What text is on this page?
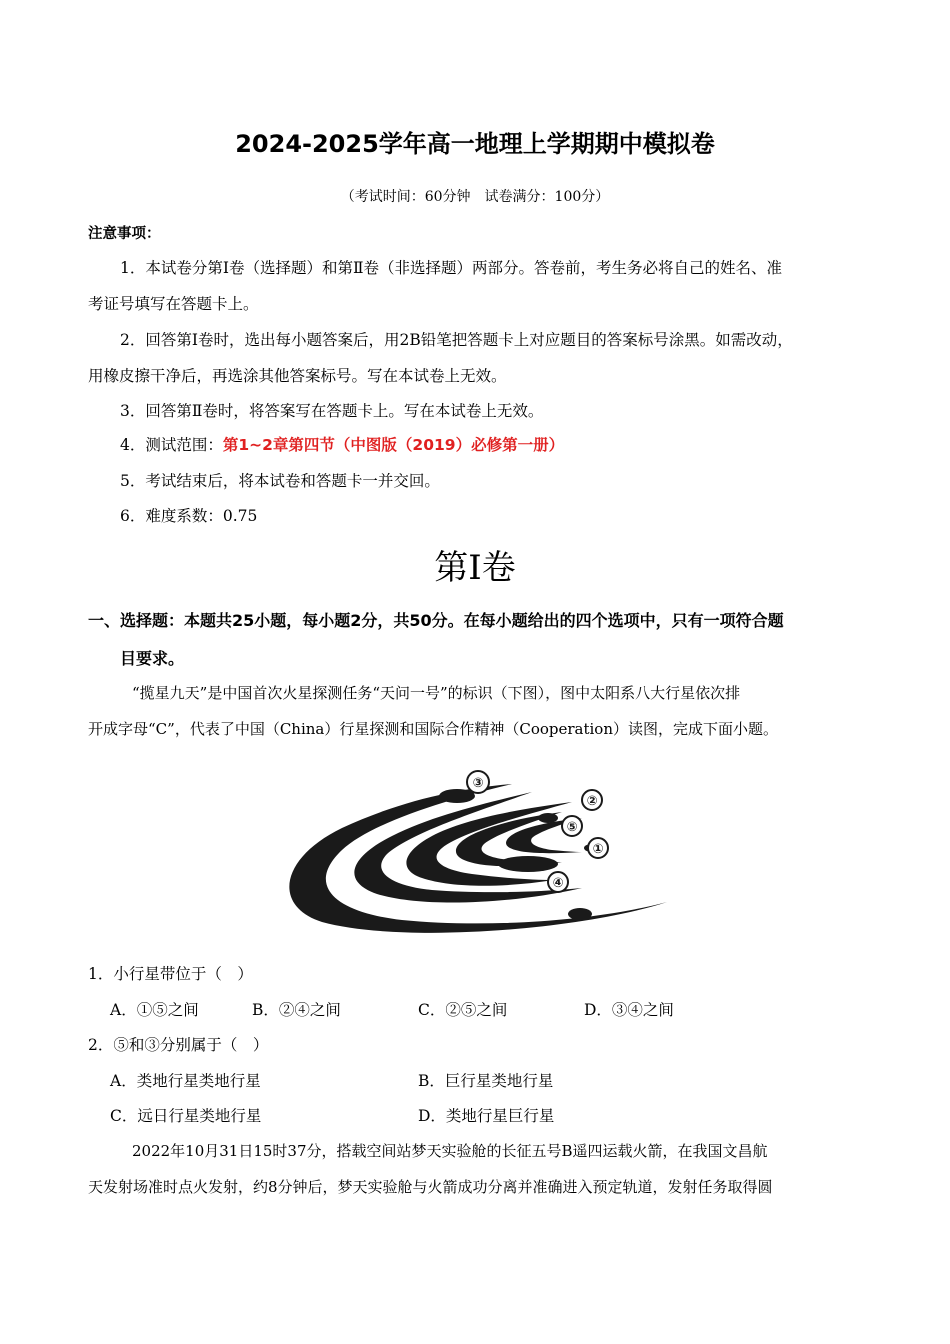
2024-2025学年高一地理上学期期中模拟卷
（考试时间：60分钟　试卷满分：100分）
注意事项：
1．本试卷分第Ⅰ卷（选择题）和第Ⅱ卷（非选择题）两部分。答卷前，考生务必将自己的姓名、准
考证号填写在答题卡上。
2．回答第Ⅰ卷时，选出每小题答案后，用2B铅笔把答题卡上对应题目的答案标号涂黑。如需改动，
用橡皮擦干净后，再选涂其他答案标号。写在本试卷上无效。
3．回答第Ⅱ卷时，将答案写在答题卡上。写在本试卷上无效。
4．测试范围：第1~2章第四节（中图版（2019）必修第一册）
5．考试结束后，将本试卷和答题卡一并交回。
6．难度系数：0.75
第Ⅰ卷
一、选择题：本题共25小题，每小题2分，共50分。在每小题给出的四个选项中，只有一项符合题
目要求。
“揽星九天”是中国首次火星探测任务“天问一号”的标识（下图），图中太阳系八大行星依次排
开成字母“C”，代表了中国（China）行星探测和国际合作精神（Cooperation）读图，完成下面小题。
③
②
⑤
①
④
1．小行星带位于（　）
A．①⑤之间	B．②④之间	C．②⑤之间	D．③④之间
2．⑤和③分别属于（　）
A．类地行星类地行星	B．巨行星类地行星
C．远日行星类地行星	D．类地行星巨行星
2022年10月31日15时37分，搭载空间站梦天实验舱的长征五号B遥四运载火箭，在我国文昌航
天发射场准时点火发射，约8分钟后，梦天实验舱与火箭成功分离并准确进入预定轨道，发射任务取得圆
